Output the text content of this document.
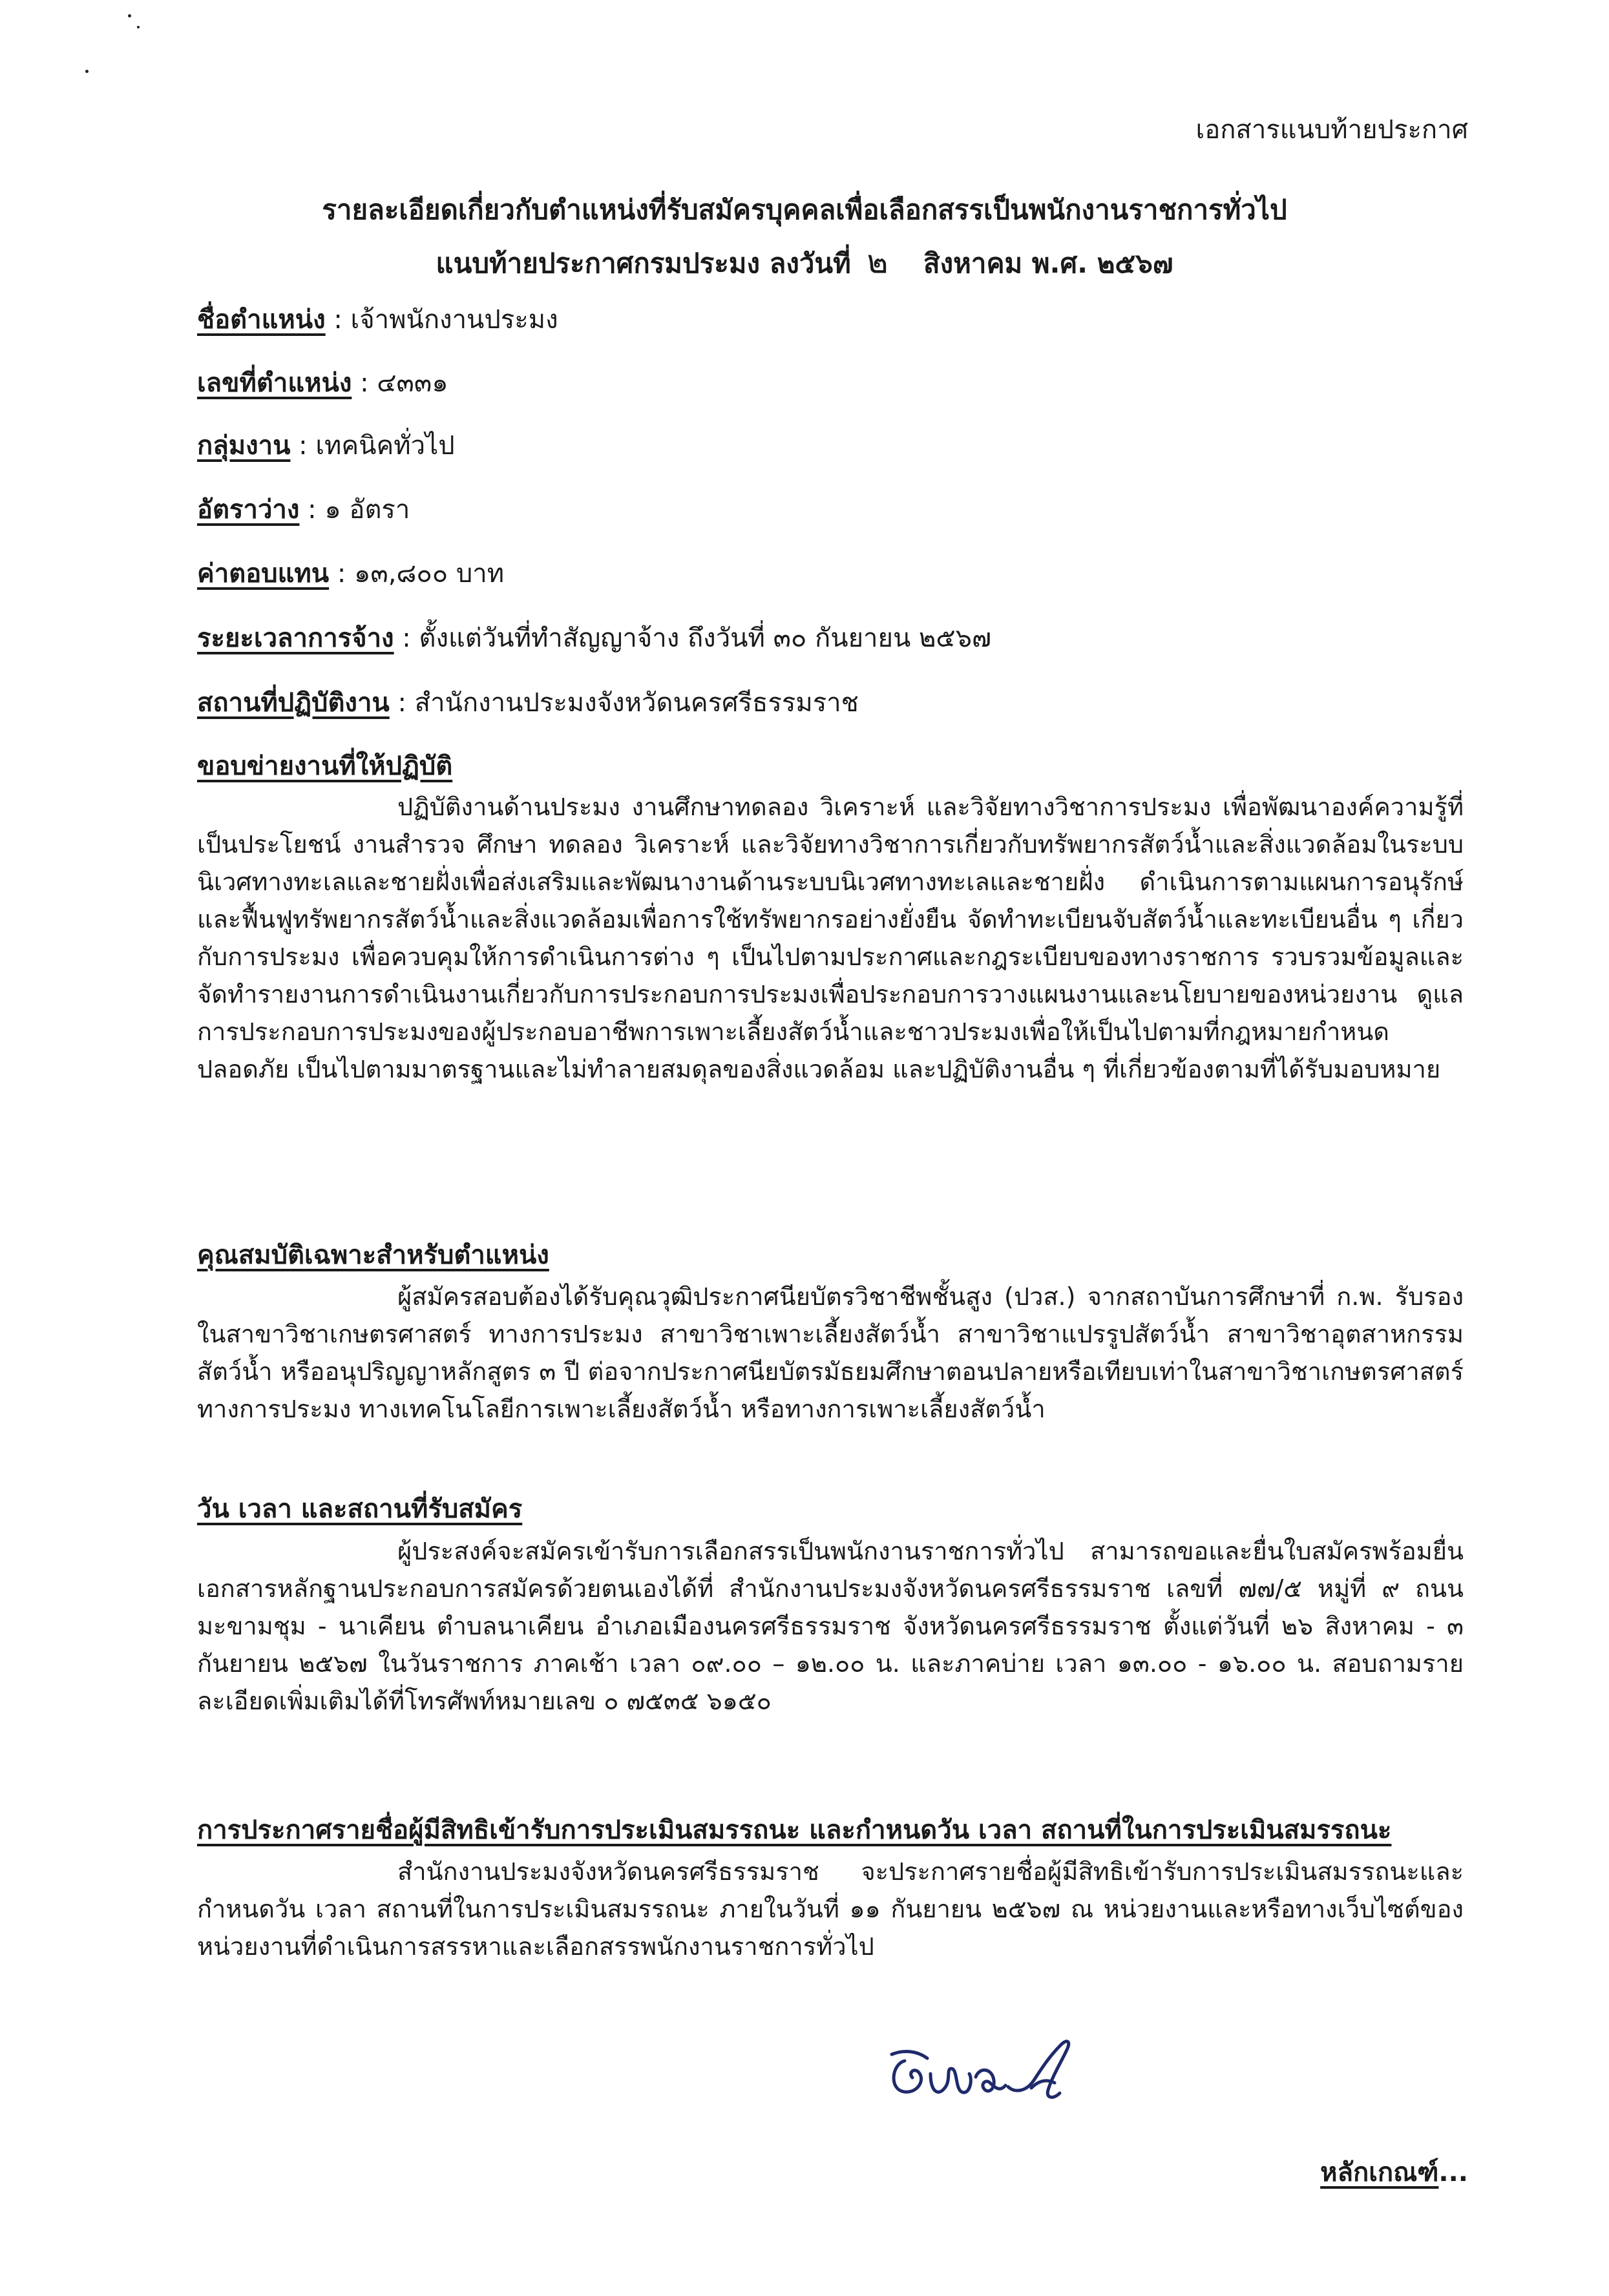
เอกสารแนบท้ายประกาศ
รายละเอียดเกี่ยวกับตำแหน่งที่รับสมัครบุคคลเพื่อเลือกสรรเป็นพนักงานราชการทั่วไป
แนบท้ายประกาศกรมประมง ลงวันที่ ๒ สิงหาคม พ.ศ. ๒๕๖๗
ชื่อตำแหน่ง : เจ้าพนักงานประมง
เลขที่ตำแหน่ง : ๔๓๓๑
กลุ่มงาน : เทคนิคทั่วไป
อัตราว่าง : ๑ อัตรา
ค่าตอบแทน : ๑๓,๘๐๐ บาท
ระยะเวลาการจ้าง : ตั้งแต่วันที่ทำสัญญาจ้าง ถึงวันที่ ๓๐ กันยายน ๒๕๖๗
สถานที่ปฏิบัติงาน : สำนักงานประมงจังหวัดนครศรีธรรมราช
ขอบข่ายงานที่ให้ปฏิบัติ
ปฏิบัติงานด้านประมง งานศึกษาทดลอง วิเคราะห์ และวิจัยทางวิชาการประมง เพื่อพัฒนาองค์ความรู้ที่เป็นประโยชน์ งานสำรวจ ศึกษา ทดลอง วิเคราะห์ และวิจัยทางวิชาการเกี่ยวกับทรัพยากรสัตว์น้ำและสิ่งแวดล้อมในระบบนิเวศทางทะเลและชายฝั่งเพื่อส่งเสริมและพัฒนางานด้านระบบนิเวศทางทะเลและชายฝั่ง ดำเนินการตามแผนการอนุรักษ์และฟื้นฟูทรัพยากรสัตว์น้ำและสิ่งแวดล้อมเพื่อการใช้ทรัพยากรอย่างยั่งยืน จัดทำทะเบียนจับสัตว์น้ำและทะเบียนอื่น ๆ เกี่ยวกับการประมง เพื่อควบคุมให้การดำเนินการต่าง ๆ เป็นไปตามประกาศและกฎระเบียบของทางราชการ รวบรวมข้อมูลและจัดทำรายงานการดำเนินงานเกี่ยวกับการประกอบการประมงเพื่อประกอบการวางแผนงานและนโยบายของหน่วยงาน ดูแลการประกอบการประมงของผู้ประกอบอาชีพการเพาะเลี้ยงสัตว์น้ำและชาวประมงเพื่อให้เป็นไปตามที่กฎหมายกำหนด ปลอดภัย เป็นไปตามมาตรฐานและไม่ทำลายสมดุลของสิ่งแวดล้อม และปฏิบัติงานอื่น ๆ ที่เกี่ยวข้องตามที่ได้รับมอบหมาย
คุณสมบัติเฉพาะสำหรับตำแหน่ง
ผู้สมัครสอบต้องได้รับคุณวุฒิประกาศนียบัตรวิชาชีพชั้นสูง (ปวส.) จากสถาบันการศึกษาที่ ก.พ. รับรองในสาขาวิชาเกษตรศาสตร์ ทางการประมง สาขาวิชาเพาะเลี้ยงสัตว์น้ำ สาขาวิชาแปรรูปสัตว์น้ำ สาขาวิชาอุตสาหกรรมสัตว์น้ำ หรืออนุปริญญาหลักสูตร ๓ ปี ต่อจากประกาศนียบัตรมัธยมศึกษาตอนปลายหรือเทียบเท่าในสาขาวิชาเกษตรศาสตร์ ทางการประมง ทางเทคโนโลยีการเพาะเลี้ยงสัตว์น้ำ หรือทางการเพาะเลี้ยงสัตว์น้ำ
วัน เวลา และสถานที่รับสมัคร
ผู้ประสงค์จะสมัครเข้ารับการเลือกสรรเป็นพนักงานราชการทั่วไป สามารถขอและยื่นใบสมัครพร้อมยื่นเอกสารหลักฐานประกอบการสมัครด้วยตนเองได้ที่ สำนักงานประมงจังหวัดนครศรีธรรมราช เลขที่ ๗๗/๕ หมู่ที่ ๙ ถนนมะขามชุม - นาเคียน ตำบลนาเคียน อำเภอเมืองนครศรีธรรมราช จังหวัดนครศรีธรรมราช ตั้งแต่วันที่ ๒๖ สิงหาคม - ๓ กันยายน ๒๕๖๗ ในวันราชการ ภาคเช้า เวลา ๐๙.๐๐ – ๑๒.๐๐ น. และภาคบ่าย เวลา ๑๓.๐๐ - ๑๖.๐๐ น. สอบถามรายละเอียดเพิ่มเติมได้ที่โทรศัพท์หมายเลข ๐ ๗๕๓๕ ๖๑๕๐
การประกาศรายชื่อผู้มีสิทธิเข้ารับการประเมินสมรรถนะ และกำหนดวัน เวลา สถานที่ในการประเมินสมรรถนะ
สำนักงานประมงจังหวัดนครศรีธรรมราช จะประกาศรายชื่อผู้มีสิทธิเข้ารับการประเมินสมรรถนะและกำหนดวัน เวลา สถานที่ในการประเมินสมรรถนะ ภายในวันที่ ๑๑ กันยายน ๒๕๖๗ ณ หน่วยงานและหรือทางเว็บไซต์ของหน่วยงานที่ดำเนินการสรรหาและเลือกสรรพนักงานราชการทั่วไป
หลักเกณฑ์...
